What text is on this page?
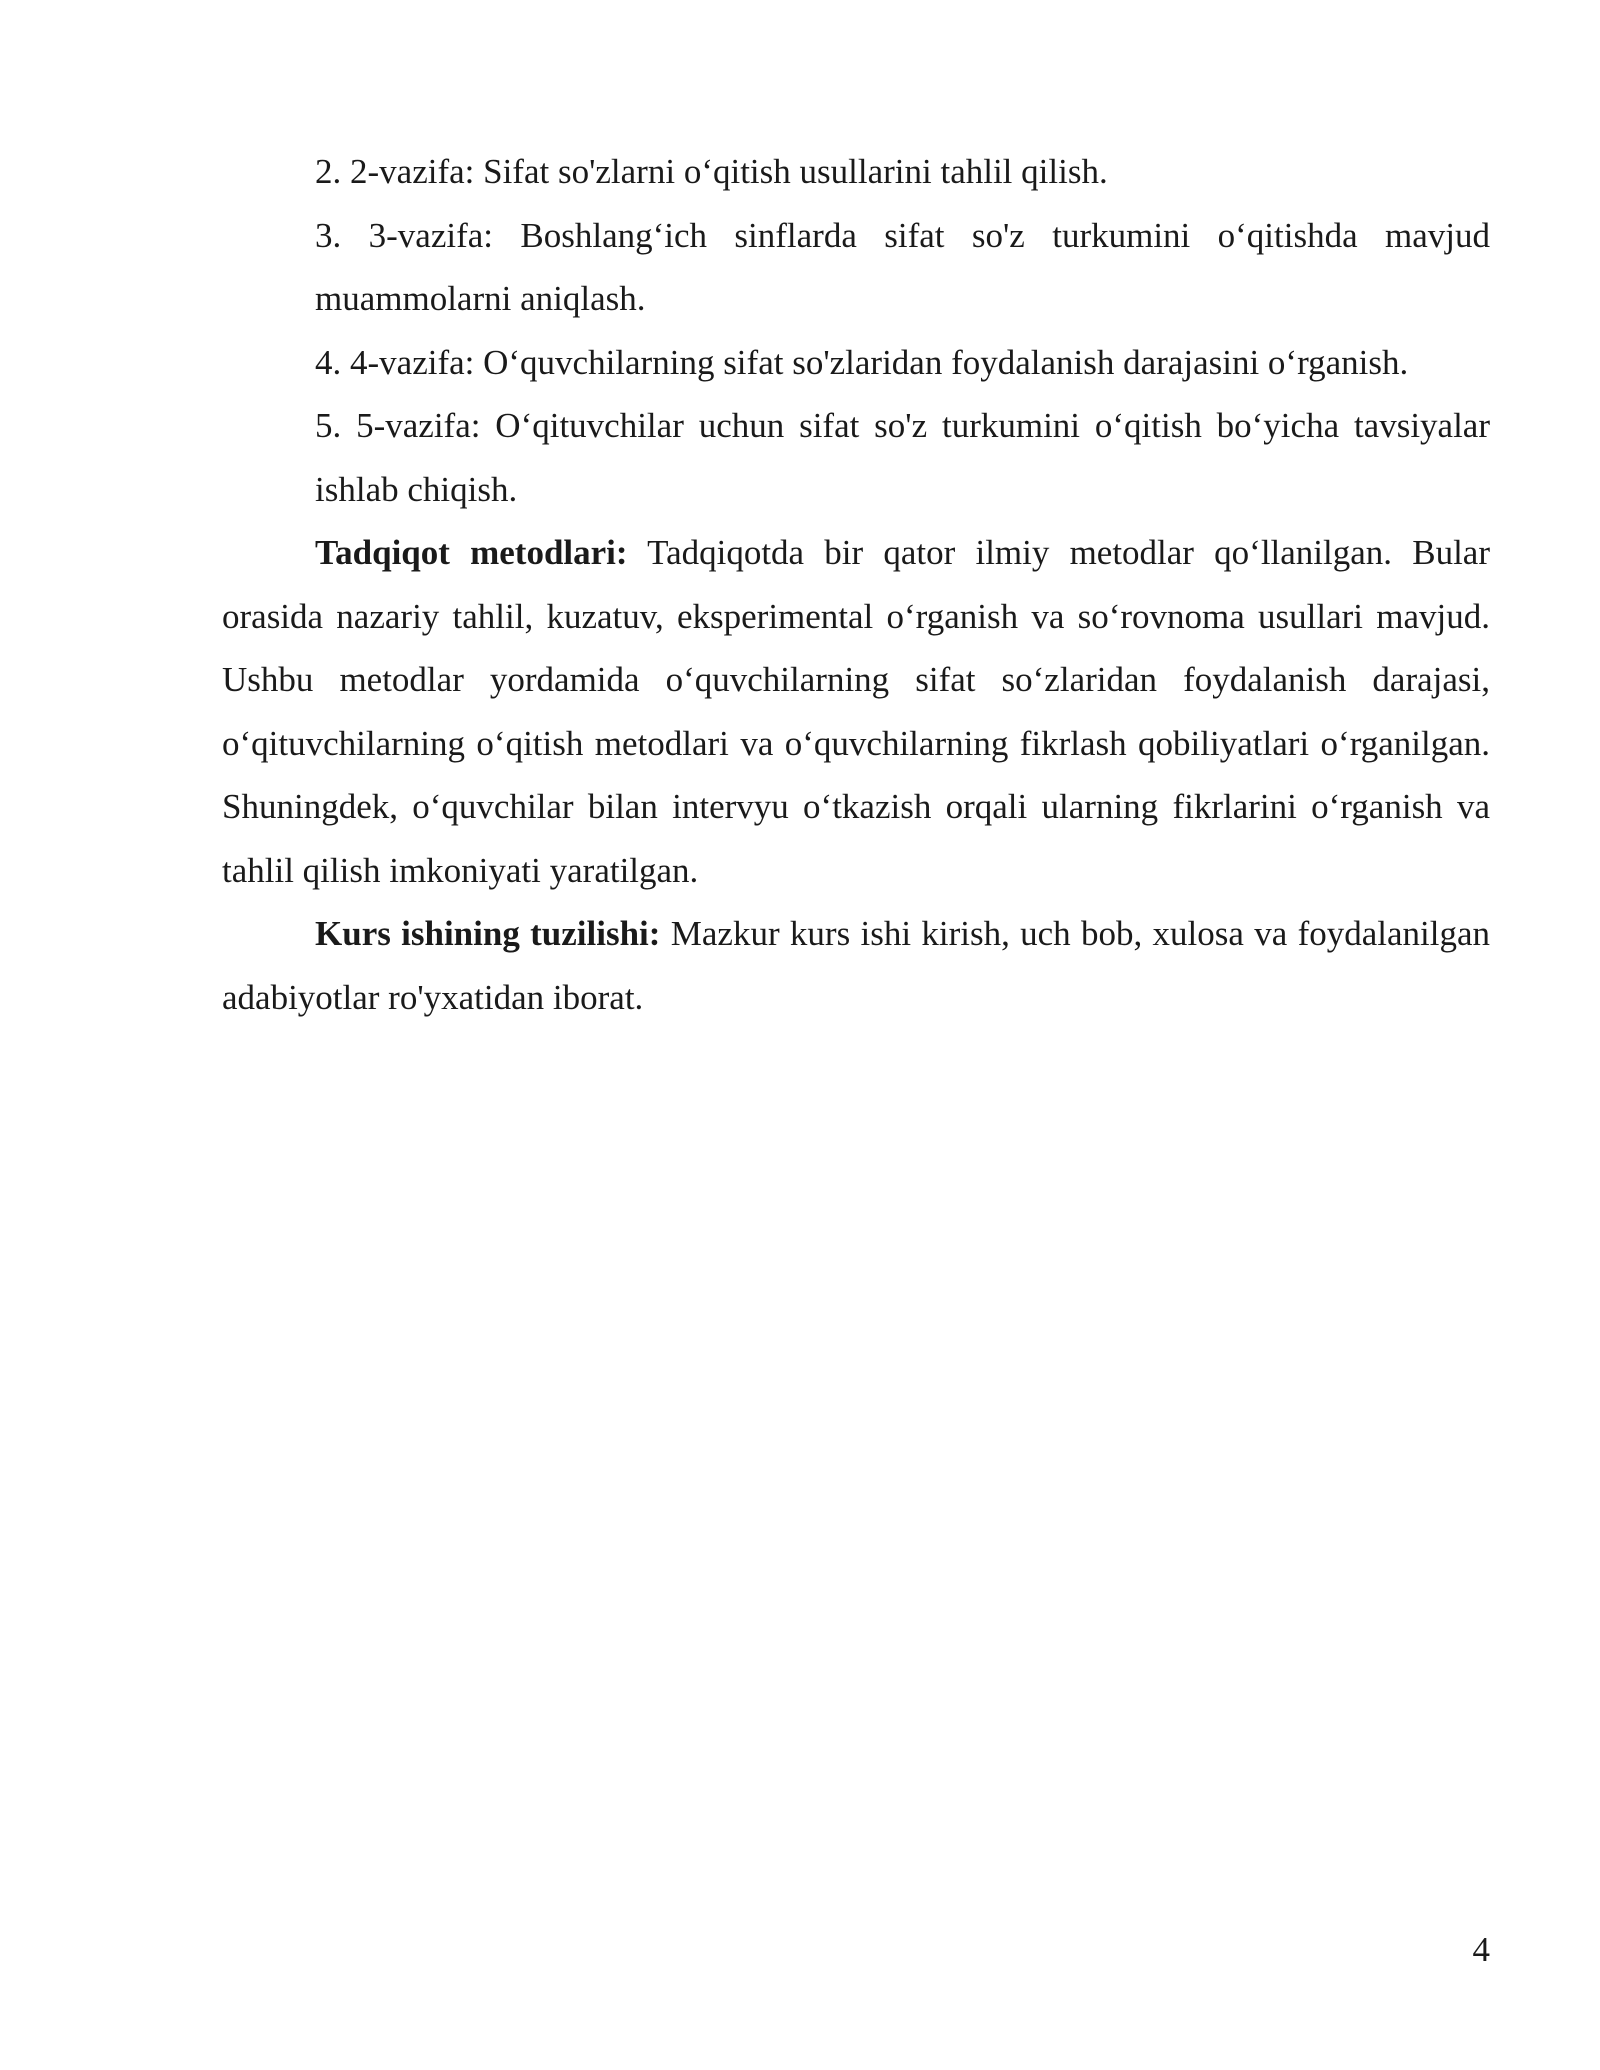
2. 2-vazifa: Sifat so'zlarni o‘qitish usullarini tahlil qilish.

3. 3-vazifa: Boshlang‘ich sinflarda sifat so'z turkumini o‘qitishda mavjud muammolarni aniqlash.

4. 4-vazifa: O‘quvchilarning sifat so'zlaridan foydalanish darajasini o‘rganish.

5. 5-vazifa: O‘qituvchilar uchun sifat so'z turkumini o‘qitish bo‘yicha tavsiyalar ishlab chiqish.

Tadqiqot metodlari: Tadqiqotda bir qator ilmiy metodlar qo‘llanilgan. Bular orasida nazariy tahlil, kuzatuv, eksperimental o‘rganish va so‘rovnoma usullari mavjud. Ushbu metodlar yordamida o‘quvchilarning sifat so‘zlaridan foydalanish darajasi, o‘qituvchilarning o‘qitish metodlari va o‘quvchilarning fikrlash qobiliyatlari o‘rganilgan. Shuningdek, o‘quvchilar bilan intervyu o‘tkazish orqali ularning fikrlarini o‘rganish va tahlil qilish imkoniyati yaratilgan.

Kurs ishining tuzilishi: Mazkur kurs ishi kirish, uch bob, xulosa va foydalanilgan adabiyotlar ro'yxatidan iborat.

4
